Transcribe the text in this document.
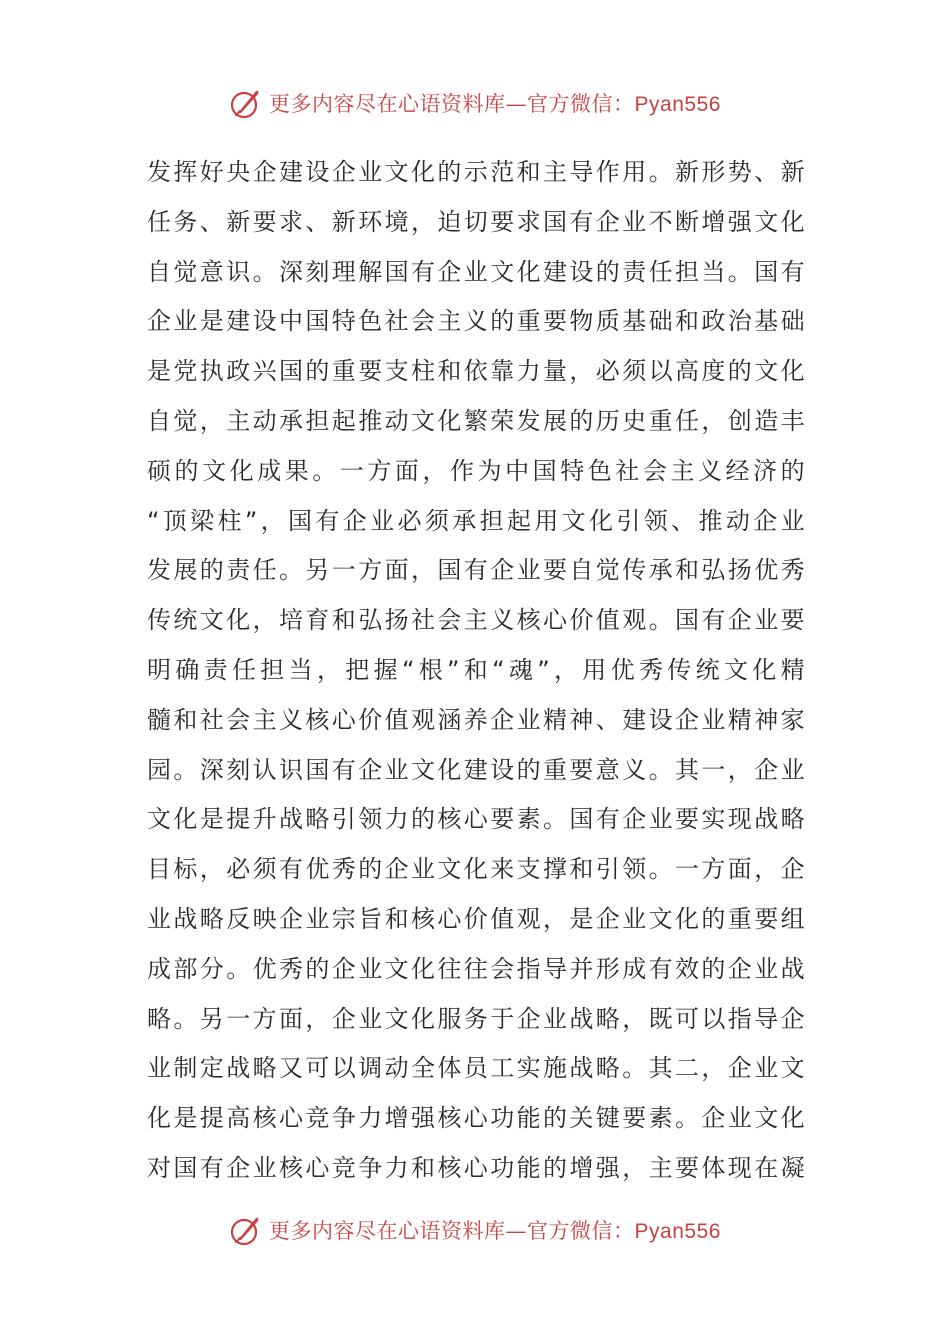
更多内容尽在心语资料库—官方微信：Pyan556
发挥好央企建设企业文化的示范和主导作用。新形势、新
任务、新要求、新环境，迫切要求国有企业不断增强文化
自觉意识。深刻理解国有企业文化建设的责任担当。国有
企业是建设中国特色社会主义的重要物质基础和政治基础
是党执政兴国的重要支柱和依靠力量，必须以高度的文化
自觉，主动承担起推动文化繁荣发展的历史重任，创造丰
硕的文化成果。一方面，作为中国特色社会主义经济的
“顶梁柱”，国有企业必须承担起用文化引领、推动企业
发展的责任。另一方面，国有企业要自觉传承和弘扬优秀
传统文化，培育和弘扬社会主义核心价值观。国有企业要
明确责任担当，把握“根”和“魂”，用优秀传统文化精
髓和社会主义核心价值观涵养企业精神、建设企业精神家
园。深刻认识国有企业文化建设的重要意义。其一，企业
文化是提升战略引领力的核心要素。国有企业要实现战略
目标，必须有优秀的企业文化来支撑和引领。一方面，企
业战略反映企业宗旨和核心价值观，是企业文化的重要组
成部分。优秀的企业文化往往会指导并形成有效的企业战
略。另一方面，企业文化服务于企业战略，既可以指导企
业制定战略又可以调动全体员工实施战略。其二，企业文
化是提高核心竞争力增强核心功能的关键要素。企业文化
对国有企业核心竞争力和核心功能的增强，主要体现在凝
更多内容尽在心语资料库—官方微信：Pyan556
